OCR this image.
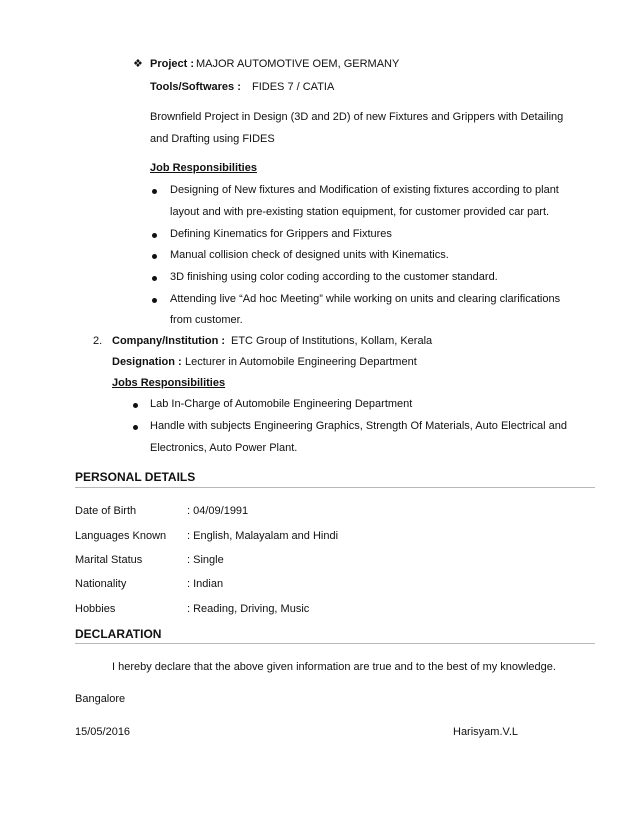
❖ Project : MAJOR AUTOMOTIVE OEM, GERMANY
Tools/Softwares : FIDES 7 / CATIA
Brownfield Project in Design (3D and 2D) of new Fixtures and Grippers with Detailing
and Drafting using FIDES
Job Responsibilities
Designing of New fixtures and Modification of existing fixtures according to plant
layout and with pre-existing station equipment, for customer provided car part.
Defining Kinematics for Grippers and Fixtures
Manual collision check of designed units with Kinematics.
3D finishing using color coding according to the customer standard.
Attending live “Ad hoc Meeting” while working on units and clearing clarifications
from customer.
2. Company/Institution : ETC Group of Institutions, Kollam, Kerala
Designation : Lecturer in Automobile Engineering Department
Jobs Responsibilities
Lab In-Charge of Automobile Engineering Department
Handle with subjects Engineering Graphics, Strength Of Materials, Auto Electrical and
Electronics, Auto Power Plant.
PERSONAL DETAILS
Date of Birth	: 04/09/1991
Languages Known : English, Malayalam and Hindi
Marital Status	: Single
Nationality	: Indian
Hobbies	: Reading, Driving, Music
DECLARATION
I hereby declare that the above given information are true and to the best of my knowledge.
Bangalore
15/05/2016	Harisyam.V.L
